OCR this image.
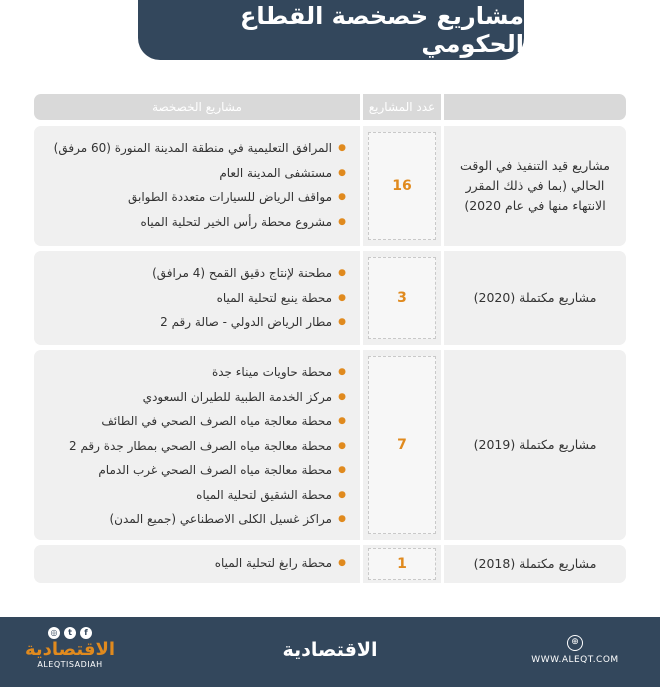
مشاريع خصخصة القطاع الحكومي
مشاريع الخصخصة	عدد المشاريع
●
المرافق التعليمية في منطقة المدينة المنورة (60 مرفق)
●
مستشفى المدينة العام
●
مواقف الرياض للسيارات متعددة الطوابق
●
مشروع محطة رأس الخير لتحلية المياه
16
مشاريع قيد التنفيذ في الوقت الحالي (بما في ذلك المقرر الانتهاء منها في عام 2020)
●
مطحنة لإنتاج دقيق القمح (4 مرافق)
●
محطة ينبع لتحلية المياه
●
مطار الرياض الدولي - صالة رقم 2
3	مشاريع مكتملة (2020)
●
محطة حاويات ميناء جدة
●
مركز الخدمة الطبية للطيران السعودي
●
محطة معالجة مياه الصرف الصحي في الطائف
●
محطة معالجة مياه الصرف الصحي بمطار جدة رقم 2
●
محطة معالجة مياه الصرف الصحي غرب الدمام
●
محطة الشقيق لتحلية المياه
●
مراكز غسيل الكلى الاصطناعي (جميع المدن)
7	مشاريع مكتملة (2019)
●
محطة رابغ لتحلية المياه	1	مشاريع مكتملة (2018)
◎	t	f
الاقتصادية
ALEQTISADIAH
الاقتصادية	⊕
WWW.ALEQT.COM
